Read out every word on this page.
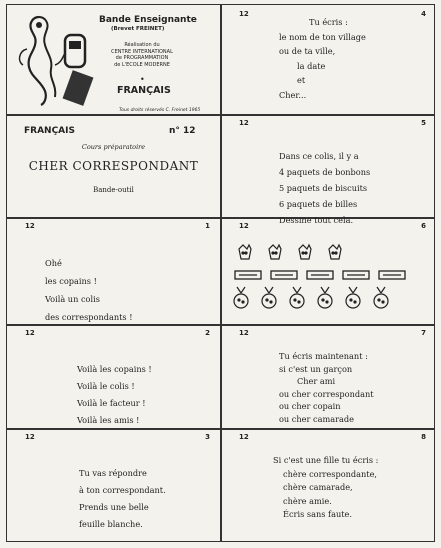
Bande Enseignante
(Brevet FREINET)
Réalisation du
CENTRE INTERNATIONAL
de PROGRAMMATION
de L'ECOLE MODERNE
•
FRANÇAIS
Tous droits réservés C. Freinet 1965
FRANÇAIS	n° 12
Cours préparatoire
CHER CORRESPONDANT
Bande-outil
12	4
Tu écris :
le nom de ton village
ou de ta ville,
la date
et
Cher...
12	5
Dans ce colis, il y a
4 paquets de bonbons
5 paquets de biscuits
6 paquets de billes
Dessine tout cela.
12	1
Ohé
les copains !
Voilà un colis
des correspondants !
12	6
12	2
Voilà les copains !
Voilà le colis !
Voilà le facteur !
Voilà les amis !
12	7
Tu écris maintenant :
si c'est un garçon
Cher ami
ou cher correspondant
ou cher copain
ou cher camarade
12	3
Tu vas répondre
à ton correspondant.
Prends une belle
feuille blanche.
12	8
Si c'est une fille tu écris :
chère correspondante,
chère camarade,
chère amie.
Écris sans faute.
